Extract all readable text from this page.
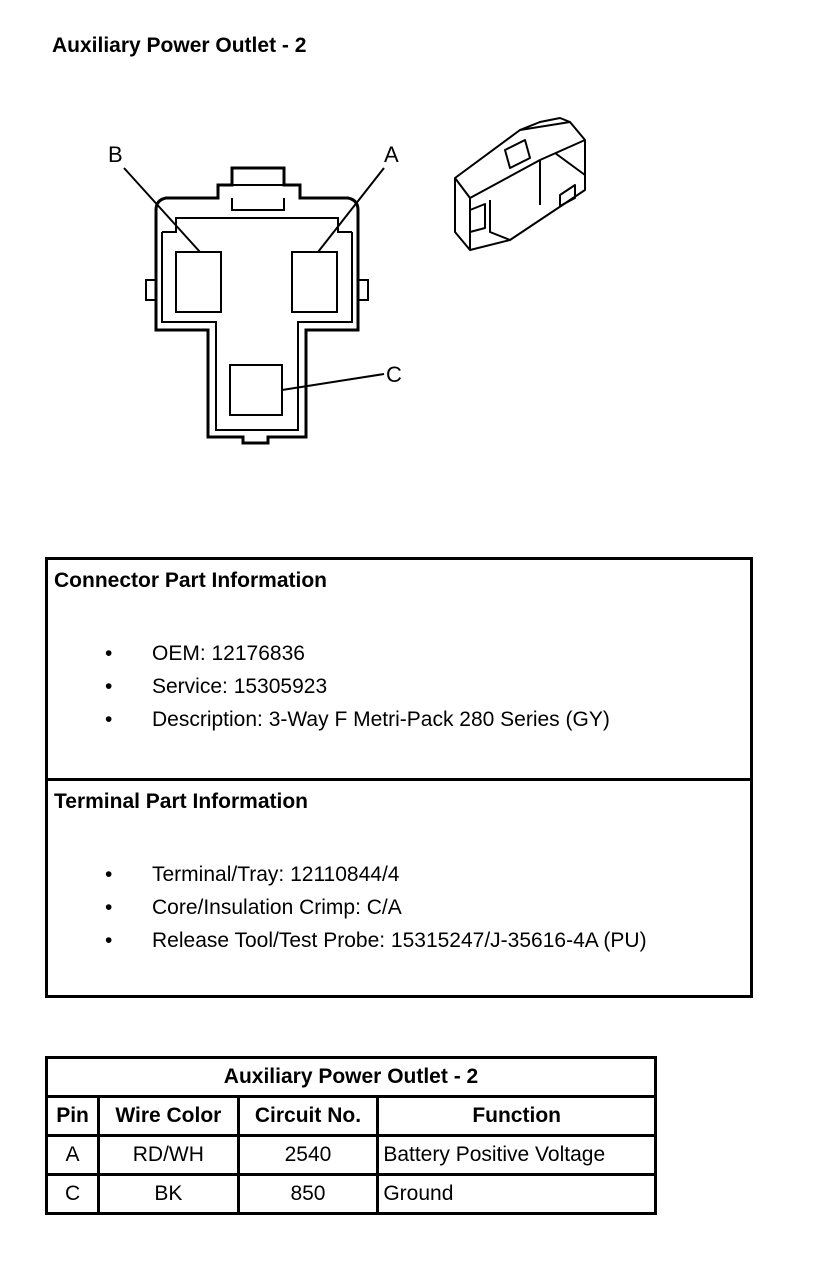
Auxiliary Power Outlet - 2
B	A
C
Connector Part Information
• OEM: 12176836
• Service: 15305923
• Description: 3-Way F Metri-Pack 280 Series (GY)
Terminal Part Information
• Terminal/Tray: 12110844/4
• Core/Insulation Crimp: C/A
• Release Tool/Test Probe: 15315247/J-35616-4A (PU)
Auxiliary Power Outlet - 2			
Pin	Wire Color	Circuit No.	Function
A	RD/WH	2540	Battery Positive Voltage
C	BK	850	Ground
